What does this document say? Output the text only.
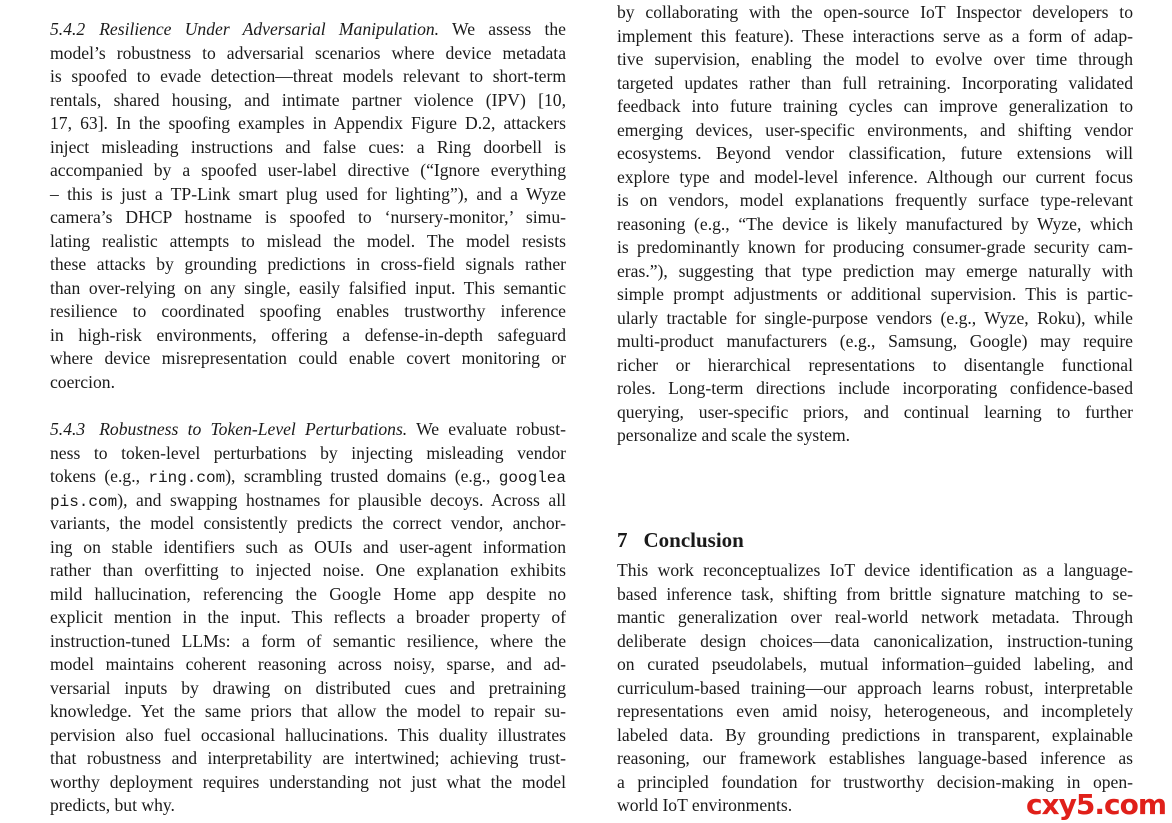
5.4.2 Resilience Under Adversarial Manipulation. We assess the
model’s robustness to adversarial scenarios where device metadata
is spoofed to evade detection—threat models relevant to short-term
rentals, shared housing, and intimate partner violence (IPV) [10,
17, 63]. In the spoofing examples in Appendix Figure D.2, attackers
inject misleading instructions and false cues: a Ring doorbell is
accompanied by a spoofed user-label directive (“Ignore everything
– this is just a TP-Link smart plug used for lighting”), and a Wyze
camera’s DHCP hostname is spoofed to ‘nursery-monitor,’ simu-
lating realistic attempts to mislead the model. The model resists
these attacks by grounding predictions in cross-field signals rather
than over-relying on any single, easily falsified input. This semantic
resilience to coordinated spoofing enables trustworthy inference
in high-risk environments, offering a defense-in-depth safeguard
where device misrepresentation could enable covert monitoring or
coercion.
5.4.3 Robustness to Token-Level Perturbations. We evaluate robust-
ness to token-level perturbations by injecting misleading vendor
tokens (e.g., ring.com), scrambling trusted domains (e.g., googlea
pis.com), and swapping hostnames for plausible decoys. Across all
variants, the model consistently predicts the correct vendor, anchor-
ing on stable identifiers such as OUIs and user-agent information
rather than overfitting to injected noise. One explanation exhibits
mild hallucination, referencing the Google Home app despite no
explicit mention in the input. This reflects a broader property of
instruction-tuned LLMs: a form of semantic resilience, where the
model maintains coherent reasoning across noisy, sparse, and ad-
versarial inputs by drawing on distributed cues and pretraining
knowledge. Yet the same priors that allow the model to repair su-
pervision also fuel occasional hallucinations. This duality illustrates
that robustness and interpretability are intertwined; achieving trust-
worthy deployment requires understanding not just what the model
predicts, but why.
by collaborating with the open-source IoT Inspector developers to
implement this feature). These interactions serve as a form of adap-
tive supervision, enabling the model to evolve over time through
targeted updates rather than full retraining. Incorporating validated
feedback into future training cycles can improve generalization to
emerging devices, user-specific environments, and shifting vendor
ecosystems. Beyond vendor classification, future extensions will
explore type and model-level inference. Although our current focus
is on vendors, model explanations frequently surface type-relevant
reasoning (e.g., “The device is likely manufactured by Wyze, which
is predominantly known for producing consumer-grade security cam-
eras.”), suggesting that type prediction may emerge naturally with
simple prompt adjustments or additional supervision. This is partic-
ularly tractable for single-purpose vendors (e.g., Wyze, Roku), while
multi-product manufacturers (e.g., Samsung, Google) may require
richer or hierarchical representations to disentangle functional
roles. Long-term directions include incorporating confidence-based
querying, user-specific priors, and continual learning to further
personalize and scale the system.
7 Conclusion
This work reconceptualizes IoT device identification as a language-
based inference task, shifting from brittle signature matching to se-
mantic generalization over real-world network metadata. Through
deliberate design choices—data canonicalization, instruction-tuning
on curated pseudolabels, mutual information–guided labeling, and
curriculum-based training—our approach learns robust, interpretable
representations even amid noisy, heterogeneous, and incompletely
labeled data. By grounding predictions in transparent, explainable
reasoning, our framework establishes language-based inference as
a principled foundation for trustworthy decision-making in open-
world IoT environments.	cxy5.com
